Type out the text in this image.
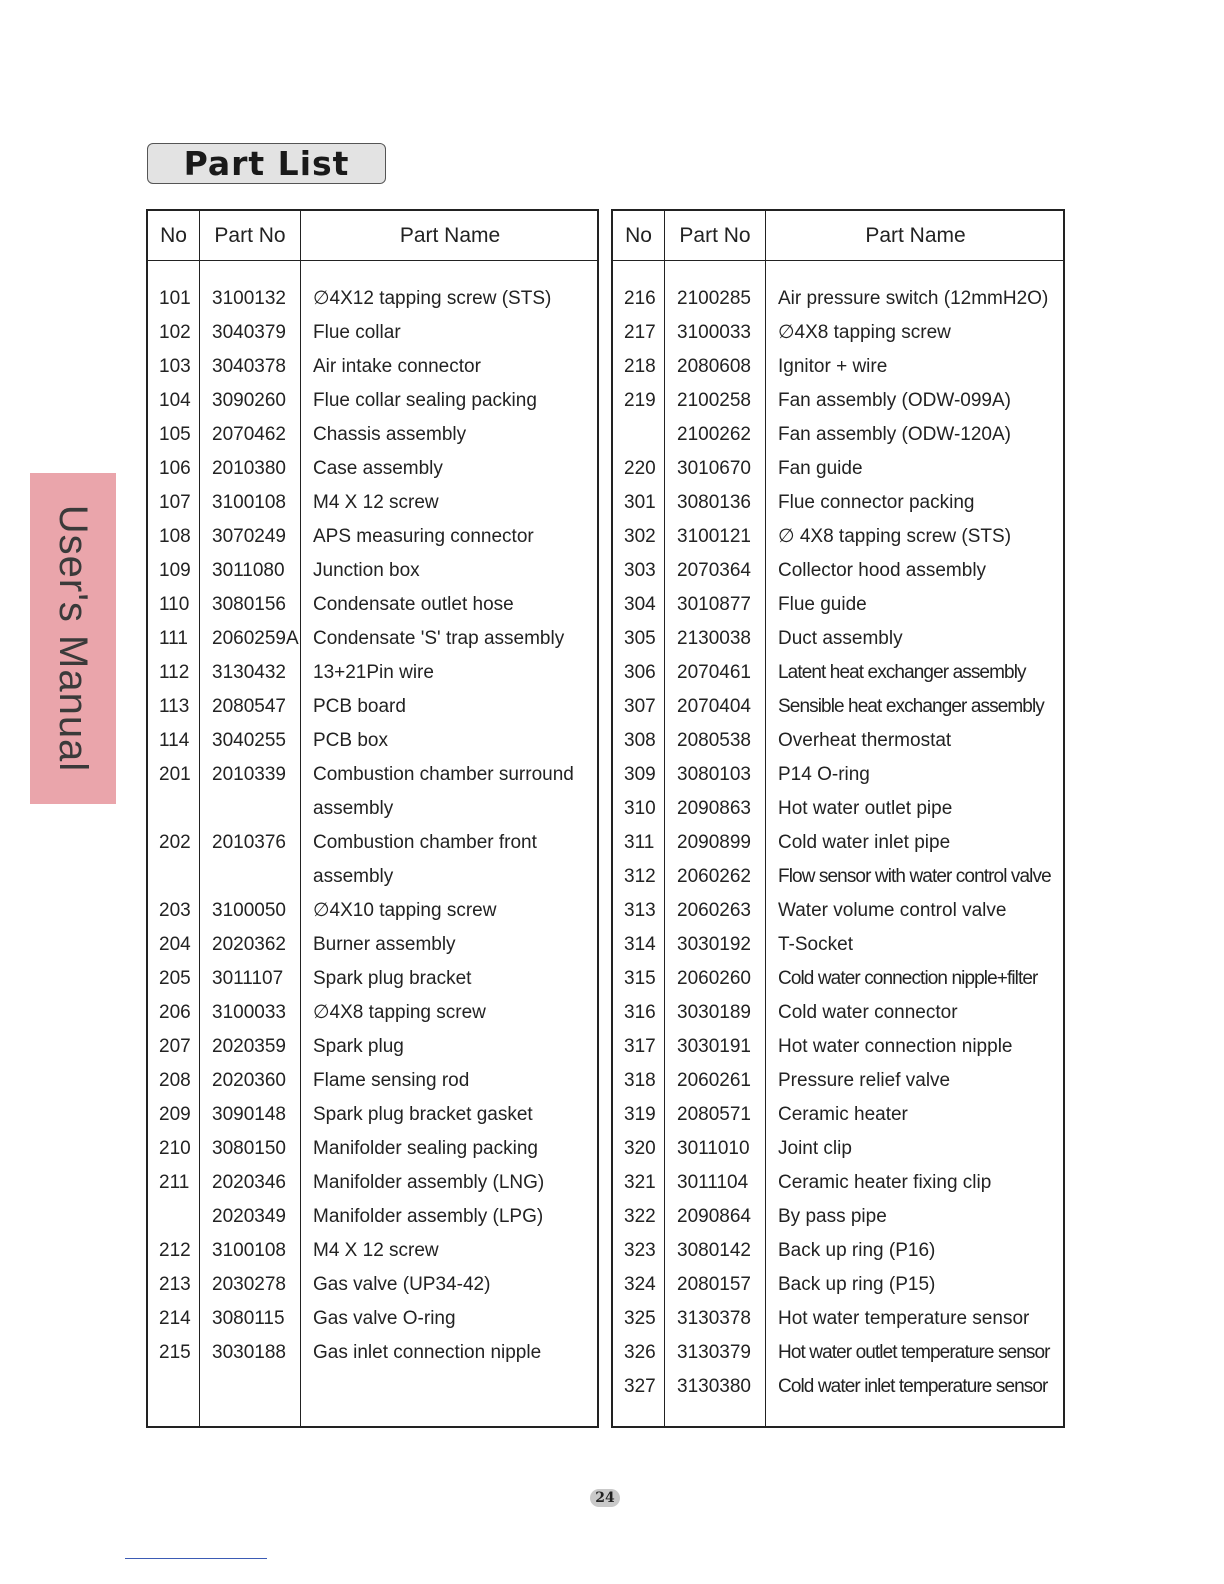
Part List
User's Manual
No	Part No	Part Name
101 3100132 ∅4X12 tapping screw (STS)
102 3040379 Flue collar
103 3040378 Air intake connector
104 3090260 Flue collar sealing packing
105 2070462 Chassis assembly
106 2010380 Case assembly
107 3100108 M4 X 12 screw
108 3070249 APS measuring connector
109 3011080 Junction box
110 3080156 Condensate outlet hose
111 2060259A Condensate 'S' trap assembly
112 3130432 13+21Pin wire
113 2080547 PCB board
114 3040255 PCB box
201 2010339 Combustion chamber surround
assembly
202 2010376 Combustion chamber front
assembly
203 3100050 ∅4X10 tapping screw
204 2020362 Burner assembly
205 3011107 Spark plug bracket
206 3100033 ∅4X8 tapping screw
207 2020359 Spark plug
208 2020360 Flame sensing rod
209 3090148 Spark plug bracket gasket
210 3080150 Manifolder sealing packing
211 2020346 Manifolder assembly (LNG)
2020349 Manifolder assembly (LPG)
212 3100108 M4 X 12 screw
213 2030278 Gas valve (UP34-42)
214 3080115 Gas valve O-ring
215 3030188 Gas inlet connection nipple
No	Part No	Part Name
216 2100285 Air pressure switch (12mmH2O)
217 3100033 ∅4X8 tapping screw
218 2080608 Ignitor + wire
219 2100258 Fan assembly (ODW-099A)
2100262 Fan assembly (ODW-120A)
220 3010670 Fan guide
301 3080136 Flue connector packing
302 3100121 ∅ 4X8 tapping screw (STS)
303 2070364 Collector hood assembly
304 3010877 Flue guide
305 2130038 Duct assembly
306 2070461 Latent heat exchanger assembly
307 2070404 Sensible heat exchanger assembly
308 2080538 Overheat thermostat
309 3080103 P14 O-ring
310 2090863 Hot water outlet pipe
311 2090899 Cold water inlet pipe
312 2060262 Flow sensor with water control valve
313 2060263 Water volume control valve
314 3030192 T-Socket
315 2060260 Cold water connection nipple+filter
316 3030189 Cold water connector
317 3030191 Hot water connection nipple
318 2060261 Pressure relief valve
319 2080571 Ceramic heater
320 3011010 Joint clip
321 3011104 Ceramic heater fixing clip
322 2090864 By pass pipe
323 3080142 Back up ring (P16)
324 2080157 Back up ring (P15)
325 3130378 Hot water temperature sensor
326 3130379 Hot water outlet temperature sensor
327 3130380 Cold water inlet temperature sensor
24
